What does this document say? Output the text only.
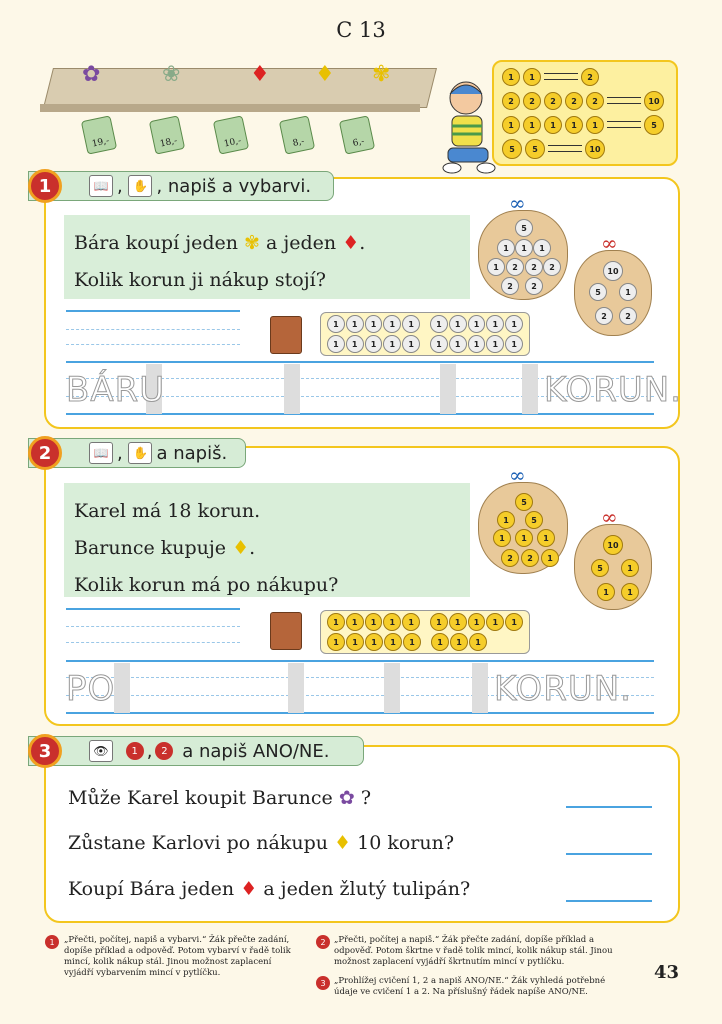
C 13
✿	❀	♦ ♦ ✾
19,-	18,-	10,-	8,-	6,-
1	1	2
2	2	2	2	2	10
1	1	1	1	1	5
5	5	10
📖 , ✋ , napiš a vybarvi.
1
Bára koupí jeden ✾ a jeden ♦.
Kolik korun ji nákup stojí?
∞
5
1	1	1
1	2	2	2
2	2
∞
10
5	1
2	2
1	1	1	1	1	1	1	1	1	1
1	1	1	1	1	1	1	1	1	1
BÁRU	KORUN.
📖 , ✋ a napiš.
2
Karel má 18 korun.
Barunce kupuje ♦.
Kolik korun má po nákupu?
∞
5
1	5
1	1	1
2	2	1
∞
10
5	1
1	1
1	1	1	1	1	1	1	1	1	1
1	1	1	1	1	1	1	1
PO	KORUN.
👁
	1 , 2
a napiš ANO/NE.
3
Může Karel koupit Barunce ✿ ?
Zůstane Karlovi po nákupu ♦ 10 korun?
Koupí Bára jeden ♦ a jeden žlutý tulipán?
1	„Přečti, počítej, napiš a vybarvi.“ Žák přečte zadání, dopíše příklad a odpověď. Potom vybarví v řadě tolik mincí, kolik nákup stál. Jinou možnost zaplacení vyjádří vybarvením mincí v pytlíčku.
2 „Přečti, počítej a napiš.“ Žák přečte zadání, dopíše příklad a odpověď. Potom škrtne v řadě tolik mincí, kolik nákup stál. Jinou možnost zaplacení vyjádří škrtnutím mincí v pytlíčku.
3 „Prohlížej cvičení 1, 2 a napiš ANO/NE.“ Žák vyhledá potřebné údaje ve cvičení 1 a 2. Na příslušný řádek napíše ANO/NE.
43
